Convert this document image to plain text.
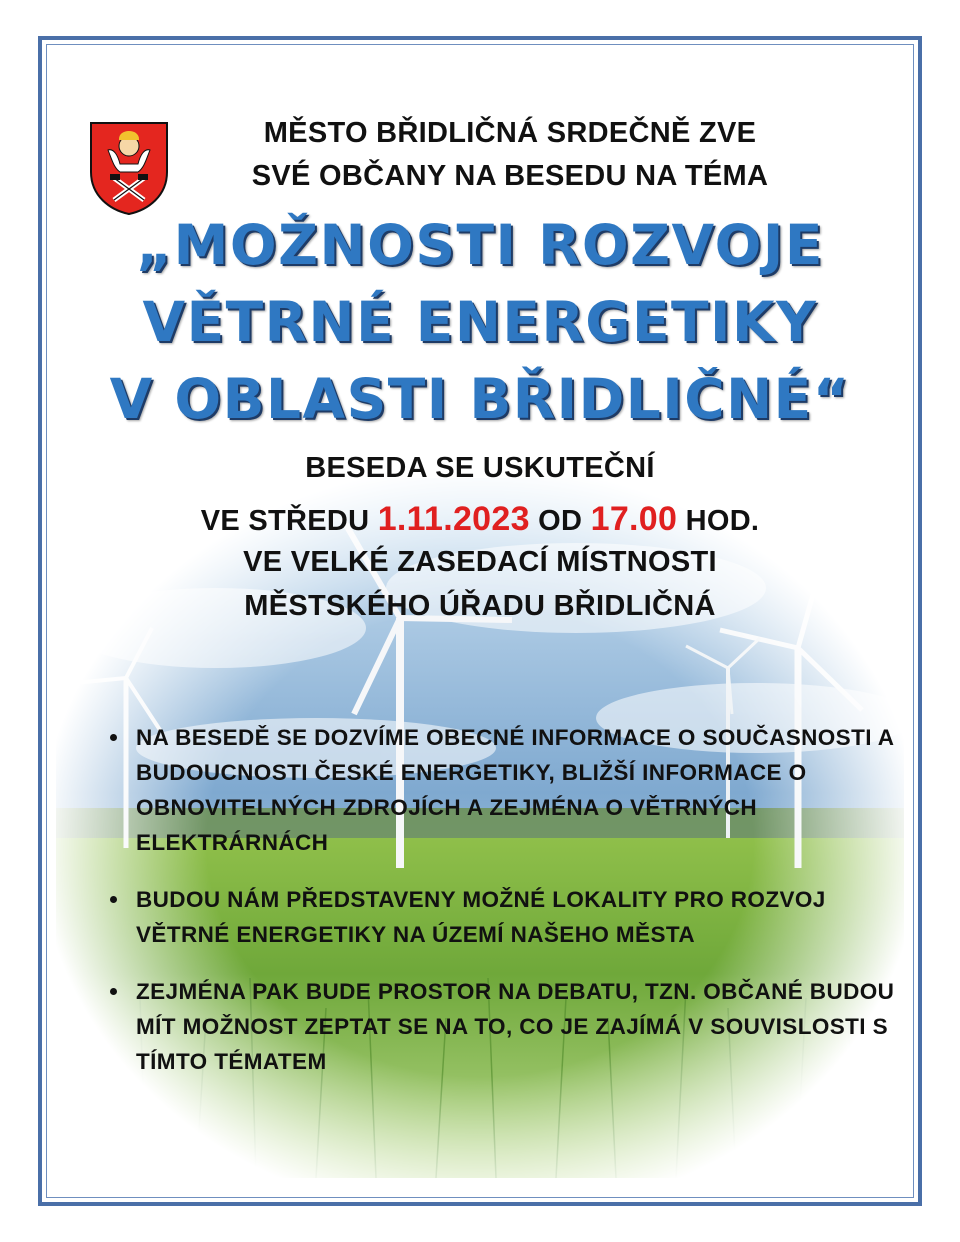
MĚSTO BŘIDLIČNÁ SRDEČNĚ ZVE
SVÉ OBČANY NA BESEDU NA TÉMA
„MOŽNOSTI ROZVOJE
VĚTRNÉ ENERGETIKY
V OBLASTI BŘIDLIČNÉ“
BESEDA SE USKUTEČNÍ
VE STŘEDU 1.11.2023 OD 17.00 HOD.
VE VELKÉ ZASEDACÍ MÍSTNOSTI
MĚSTSKÉHO ÚŘADU BŘIDLIČNÁ
NA BESEDĚ SE DOZVÍME OBECNÉ INFORMACE O SOUČASNOSTI A BUDOUCNOSTI ČESKÉ ENERGETIKY, BLIŽŠÍ INFORMACE O OBNOVITELNÝCH ZDROJÍCH A ZEJMÉNA O VĚTRNÝCH ELEKTRÁRNÁCH
BUDOU NÁM PŘEDSTAVENY MOŽNÉ LOKALITY PRO ROZVOJ VĚTRNÉ ENERGETIKY NA ÚZEMÍ NAŠEHO MĚSTA
ZEJMÉNA PAK BUDE PROSTOR NA DEBATU, TZN. OBČANÉ BUDOU MÍT MOŽNOST ZEPTAT SE NA TO, CO JE ZAJÍMÁ V SOUVISLOSTI S TÍMTO TÉMATEM
